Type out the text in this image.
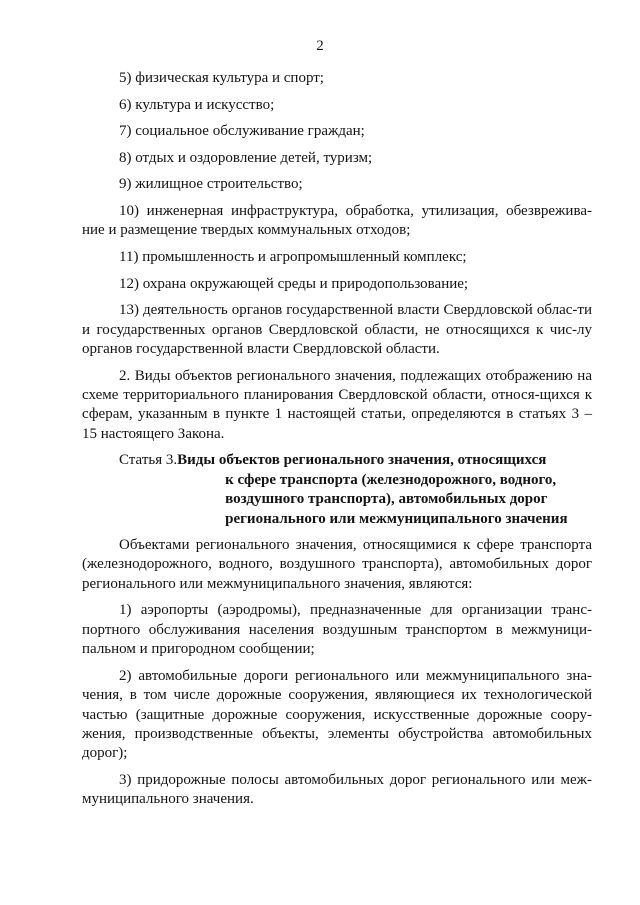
2

5) физическая культура и спорт;

6) культура и искусство;

7) социальное обслуживание граждан;

8) отдых и оздоровление детей, туризм;

9) жилищное строительство;

10) инженерная инфраструктура, обработка, утилизация, обезврежива-ние и размещение твердых коммунальных отходов;

11) промышленность и агропромышленный комплекс;

12) охрана окружающей среды и природопользование;

13) деятельность органов государственной власти Свердловской облас-ти и государственных органов Свердловской области, не относящихся к чис-лу органов государственной власти Свердловской области.

2. Виды объектов регионального значения, подлежащих отображению на схеме территориального планирования Свердловской области, относя-щихся к сферам, указанным в пункте 1 настоящей статьи, определяются в статьях 3 – 15 настоящего Закона.

Статья 3. Виды объектов регионального значения, относящихся
к сфере транспорта (железнодорожного, водного,
воздушного транспорта), автомобильных дорог
регионального или межмуниципального значения

Объектами регионального значения, относящимися к сфере транспорта (железнодорожного, водного, воздушного транспорта), автомобильных дорог регионального или межмуниципального значения, являются:

1) аэропорты (аэродромы), предназначенные для организации транс-портного обслуживания населения воздушным транспортом в межмуници-пальном и пригородном сообщении;

2) автомобильные дороги регионального или межмуниципального зна-чения, в том числе дорожные сооружения, являющиеся их технологической частью (защитные дорожные сооружения, искусственные дорожные соору-жения, производственные объекты, элементы обустройства автомобильных дорог);

3) придорожные полосы автомобильных дорог регионального или меж-муниципального значения.
